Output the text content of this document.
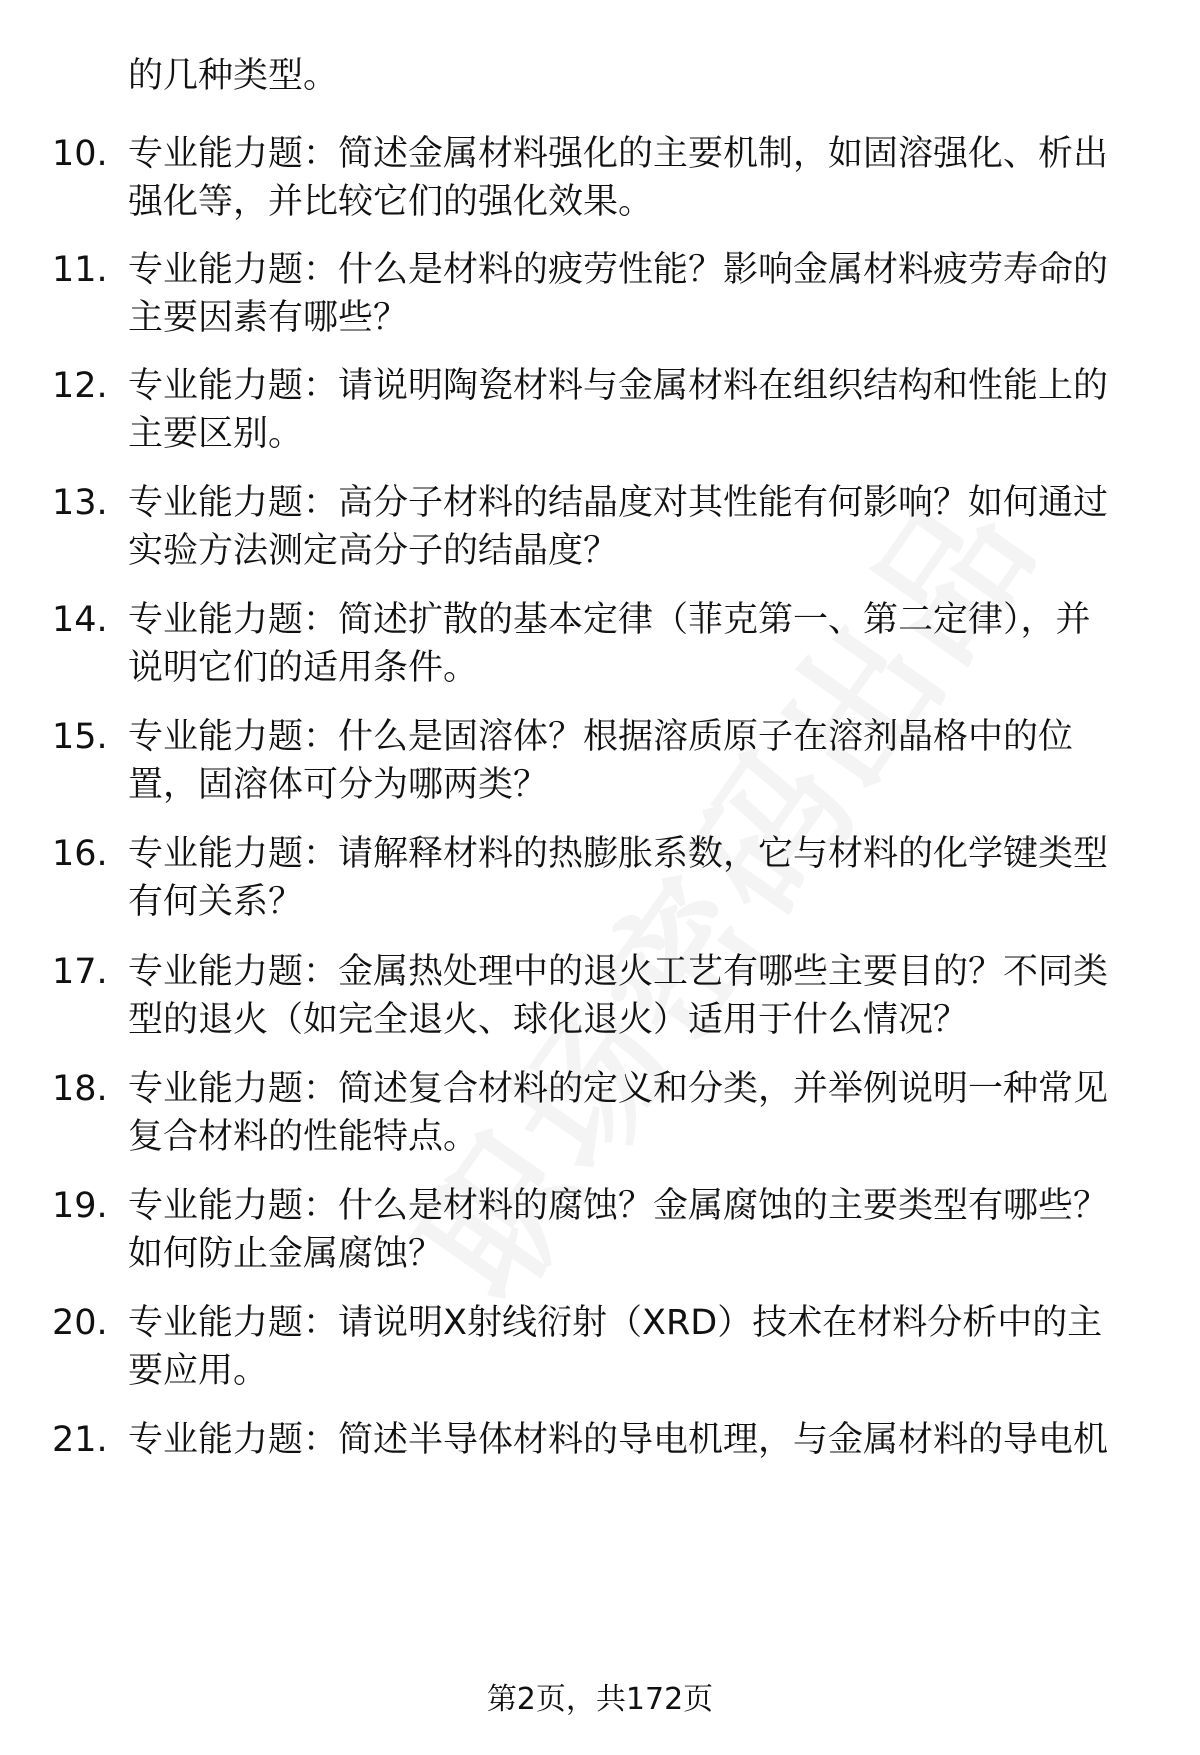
的几种类型。
10. 专业能力题：简述金属材料强化的主要机制，如固溶强化、析出
强化等，并比较它们的强化效果。
11. 专业能力题：什么是材料的疲劳性能？影响金属材料疲劳寿命的
主要因素有哪些？
12. 专业能力题：请说明陶瓷材料与金属材料在组织结构和性能上的
主要区别。
13. 专业能力题：高分子材料的结晶度对其性能有何影响？如何通过
实验方法测定高分子的结晶度？
14. 专业能力题：简述扩散的基本定律（菲克第一、第二定律），并
说明它们的适用条件。
15. 专业能力题：什么是固溶体？根据溶质原子在溶剂晶格中的位
置，固溶体可分为哪两类？
16. 专业能力题：请解释材料的热膨胀系数，它与材料的化学键类型
有何关系？
17. 专业能力题：金属热处理中的退火工艺有哪些主要目的？不同类
型的退火（如完全退火、球化退火）适用于什么情况？
18. 专业能力题：简述复合材料的定义和分类，并举例说明一种常见
复合材料的性能特点。
19. 专业能力题：什么是材料的腐蚀？金属腐蚀的主要类型有哪些？
如何防止金属腐蚀？
20. 专业能力题：请说明X射线衍射（XRD）技术在材料分析中的主
要应用。
21. 专业能力题：简述半导体材料的导电机理，与金属材料的导电机
第2页，共172页
